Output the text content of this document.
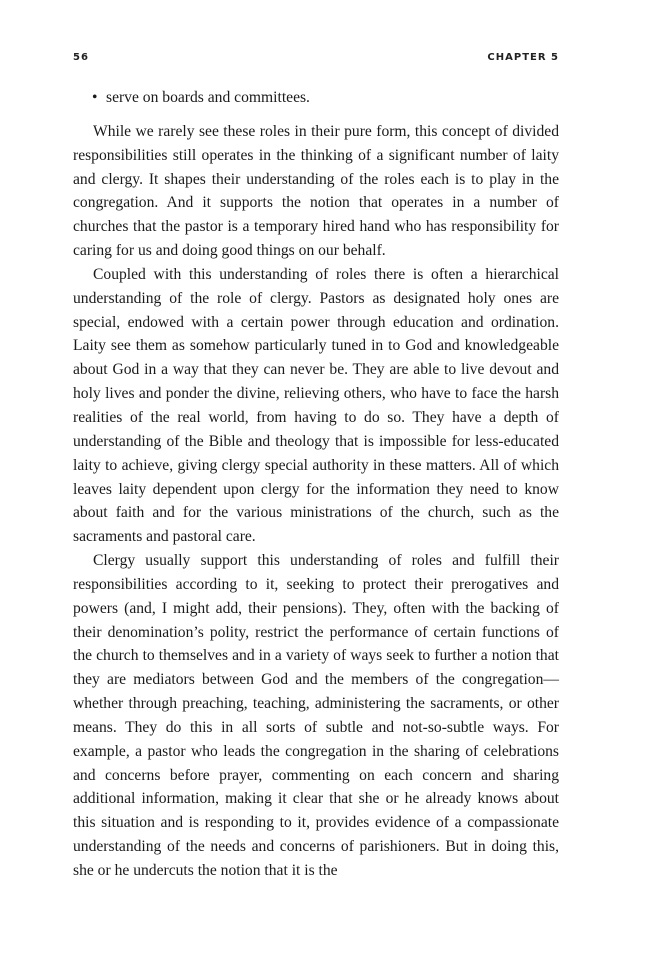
56	CHAPTER 5
• serve on boards and committees.

While we rarely see these roles in their pure form, this concept of divided responsibilities still operates in the thinking of a significant number of laity and clergy. It shapes their understanding of the roles each is to play in the congregation. And it supports the notion that operates in a number of churches that the pastor is a temporary hired hand who has responsibility for caring for us and doing good things on our behalf.

Coupled with this understanding of roles there is often a hierarchical understanding of the role of clergy. Pastors as designated holy ones are special, endowed with a certain power through education and ordination. Laity see them as somehow particularly tuned in to God and knowledgeable about God in a way that they can never be. They are able to live devout and holy lives and ponder the divine, relieving others, who have to face the harsh realities of the real world, from having to do so. They have a depth of understanding of the Bible and theology that is impossible for less-educated laity to achieve, giving clergy special authority in these matters. All of which leaves laity dependent upon clergy for the information they need to know about faith and for the various ministrations of the church, such as the sacraments and pastoral care.

Clergy usually support this understanding of roles and fulfill their responsibilities according to it, seeking to protect their prerogatives and powers (and, I might add, their pensions). They, often with the backing of their denomination’s polity, restrict the performance of certain functions of the church to themselves and in a variety of ways seek to further a notion that they are mediators between God and the members of the congregation—whether through preaching, teaching, administering the sacraments, or other means. They do this in all sorts of subtle and not-so-subtle ways. For example, a pastor who leads the congregation in the sharing of celebrations and concerns before prayer, commenting on each concern and sharing additional information, making it clear that she or he already knows about this situation and is responding to it, provides evidence of a compassionate understanding of the needs and concerns of parishioners. But in doing this, she or he undercuts the notion that it is the
